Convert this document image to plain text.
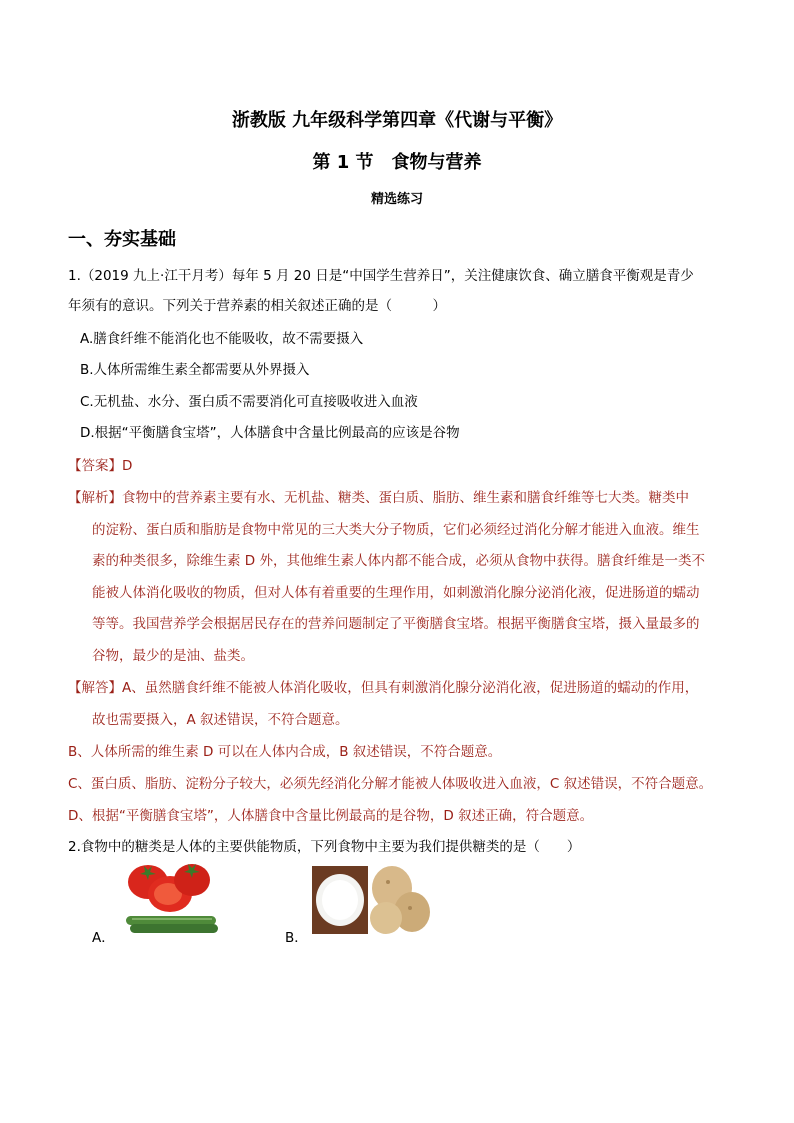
浙教版 九年级科学第四章《代谢与平衡》
第 1 节　食物与营养
精选练习
一、夯实基础
1.（2019 九上·江干月考）每年 5 月 20 日是“中国学生营养日”，关注健康饮食、确立膳食平衡观是青少
年须有的意识。下列关于营养素的相关叙述正确的是（　　　）
A.膳食纤维不能消化也不能吸收，故不需要摄入
B.人体所需维生素全都需要从外界摄入
C.无机盐、水分、蛋白质不需要消化可直接吸收进入血液
D.根据“平衡膳食宝塔”，人体膳食中含量比例最高的应该是谷物
【答案】D
【解析】食物中的营养素主要有水、无机盐、糖类、蛋白质、脂肪、维生素和膳食纤维等七大类。糖类中
的淀粉、蛋白质和脂肪是食物中常见的三大类大分子物质，它们必须经过消化分解才能进入血液。维生
素的种类很多，除维生素 D 外，其他维生素人体内都不能合成，必须从食物中获得。膳食纤维是一类不
能被人体消化吸收的物质，但对人体有着重要的生理作用，如刺激消化腺分泌消化液，促进肠道的蠕动
等等。我国营养学会根据居民存在的营养问题制定了平衡膳食宝塔。根据平衡膳食宝塔，摄入量最多的
谷物，最少的是油、盐类。
【解答】A、虽然膳食纤维不能被人体消化吸收，但具有刺激消化腺分泌消化液，促进肠道的蠕动的作用，
故也需要摄入，A 叙述错误，不符合题意。
B、人体所需的维生素 D 可以在人体内合成，B 叙述错误，不符合题意。
C、蛋白质、脂肪、淀粉分子较大，必须先经消化分解才能被人体吸收进入血液，C 叙述错误，不符合题意。
D、根据“平衡膳食宝塔”，人体膳食中含量比例最高的是谷物，D 叙述正确，符合题意。
2.食物中的糖类是人体的主要供能物质，下列食物中主要为我们提供糖类的是（　　）
A．	B．
